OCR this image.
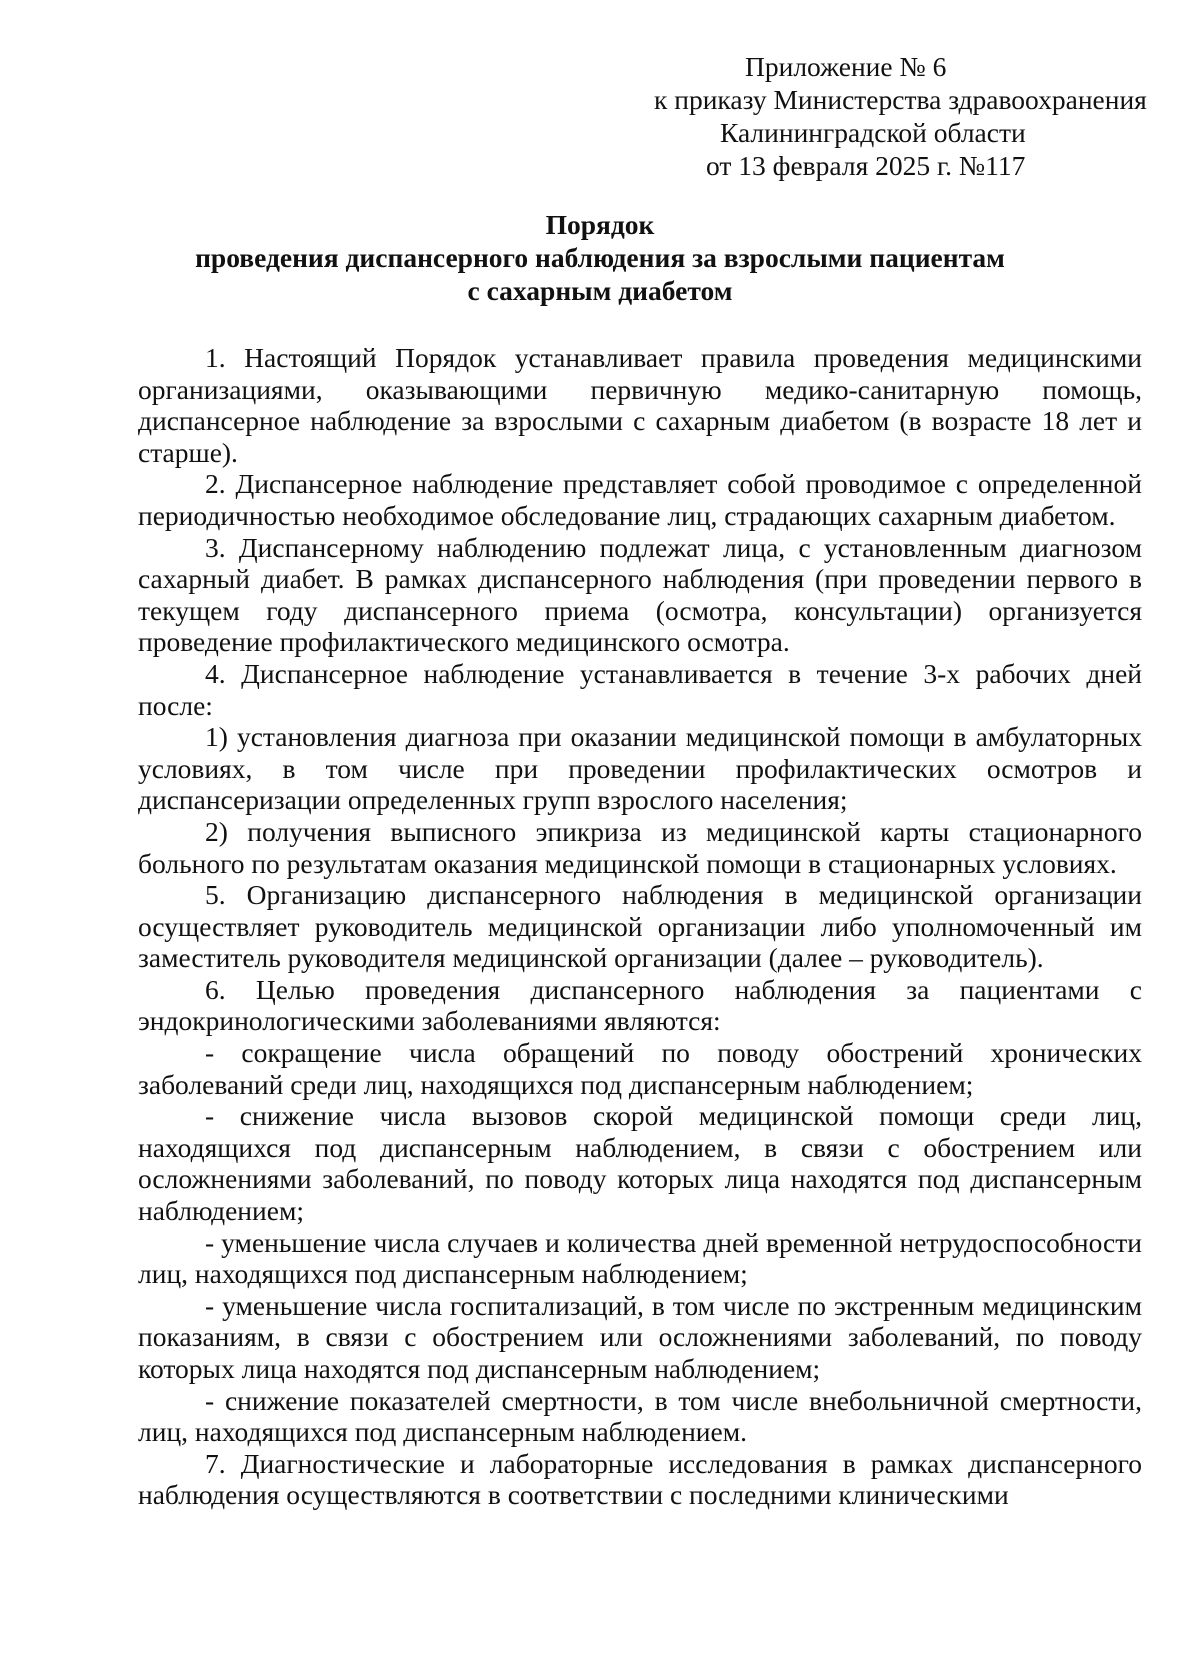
Приложение № 6
к приказу Министерства здравоохранения
Калининградской области
от 13 февраля 2025 г. №117
Порядок
проведения диспансерного наблюдения за взрослыми пациентам
с сахарным диабетом

1. Настоящий Порядок устанавливает правила проведения медицинскими организациями, оказывающими первичную медико-санитарную помощь, диспансерное наблюдение за взрослыми с сахарным диабетом (в возрасте 18 лет и старше).

2. Диспансерное наблюдение представляет собой проводимое с определенной периодичностью необходимое обследование лиц, страдающих сахарным диабетом.

3. Диспансерному наблюдению подлежат лица, с установленным диагнозом сахарный диабет. В рамках диспансерного наблюдения (при проведении первого в текущем году диспансерного приема (осмотра, консультации) организуется проведение профилактического медицинского осмотра.

4. Диспансерное наблюдение устанавливается в течение 3-х рабочих дней после:

1) установления диагноза при оказании медицинской помощи в амбулаторных условиях, в том числе при проведении профилактических осмотров и диспансеризации определенных групп взрослого населения;

2) получения выписного эпикриза из медицинской карты стационарного больного по результатам оказания медицинской помощи в стационарных условиях.

5. Организацию диспансерного наблюдения в медицинской организации осуществляет руководитель медицинской организации либо уполномоченный им заместитель руководителя медицинской организации (далее – руководитель).

6. Целью проведения диспансерного наблюдения за пациентами с эндокринологическими заболеваниями являются:

- сокращение числа обращений по поводу обострений хронических заболеваний среди лиц, находящихся под диспансерным наблюдением;

- снижение числа вызовов скорой медицинской помощи среди лиц, находящихся под диспансерным наблюдением, в связи с обострением или осложнениями заболеваний, по поводу которых лица находятся под диспансерным наблюдением;

- уменьшение числа случаев и количества дней временной нетрудоспособности лиц, находящихся под диспансерным наблюдением;

- уменьшение числа госпитализаций, в том числе по экстренным медицинским показаниям, в связи с обострением или осложнениями заболеваний, по поводу которых лица находятся под диспансерным наблюдением;

- снижение показателей смертности, в том числе внебольничной смертности, лиц, находящихся под диспансерным наблюдением.

7. Диагностические и лабораторные исследования в рамках диспансерного наблюдения осуществляются в соответствии с последними клиническими
